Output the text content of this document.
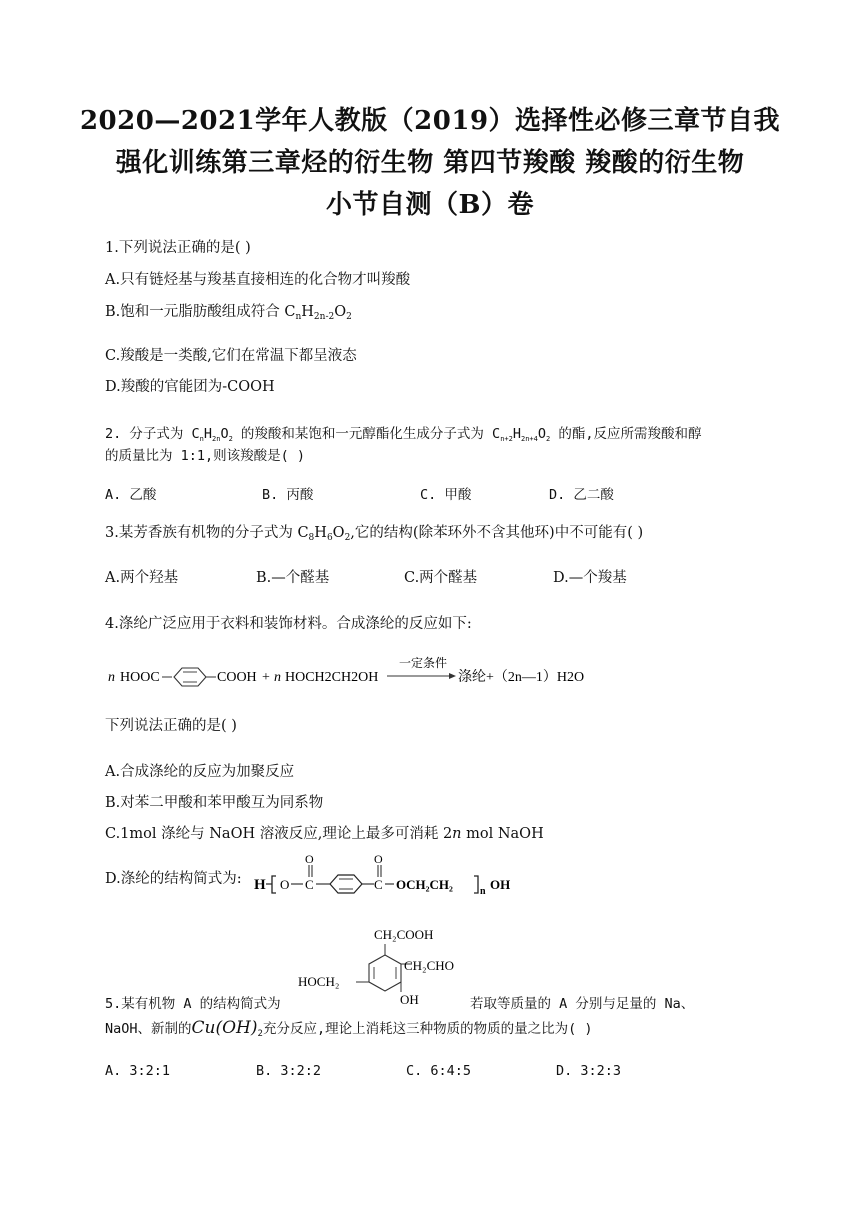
2020—2021学年人教版（2019）选择性必修三章节自我
强化训练第三章烃的衍生物 第四节羧酸 羧酸的衍生物
小节自测（B）卷
1.下列说法正确的是( )
A.只有链烃基与羧基直接相连的化合物才叫羧酸
B.饱和一元脂肪酸组成符合 $C_nH_{2n-2}O_2$
C.羧酸是一类酸,它们在常温下都呈液态
D.羧酸的官能团为-COOH
2. 分子式为 $C_nH_{2n}O_2$ 的羧酸和某饱和一元醇酯化生成分子式为 $C_{n+2}H_{2n+4}O_2$ 的酯,反应所需羧酸和醇
的质量比为 1:1,则该羧酸是( )
A. 乙酸	B. 丙酸	C. 甲酸	D. 乙二酸
3.某芳香族有机物的分子式为 $C_8H_6O_2$,它的结构(除苯环外不含其他环)中不可能有( )
A.两个羟基	B.—个醛基	C.两个醛基	D.—个羧基
4.涤纶广泛应用于衣料和装饰材料。合成涤纶的反应如下:
n HOOC	COOH + n HOCH2CH2OH
一定条件
涤纶+（2n—1）H2O
下列说法正确的是( )
A.合成涤纶的反应为加聚反应
B.对苯二甲酸和苯甲酸互为同系物
C.1mol 涤纶与 NaOH 溶液反应,理论上最多可消耗 2n mol NaOH
D.涤纶的结构简式为: H O C
O
C
O
OCH₂CH₂	n OH
CH₂COOH
CH₂CHO
HOCH₂
OH
5.某有机物 A 的结构简式为	若取等质量的 A 分别与足量的 Na、
NaOH、新制的$Cu(OH)_2$充分反应,理论上消耗这三种物质的物质的量之比为( )
A. 3:2:1	B. 3:2:2	C. 6:4:5	D. 3:2:3
